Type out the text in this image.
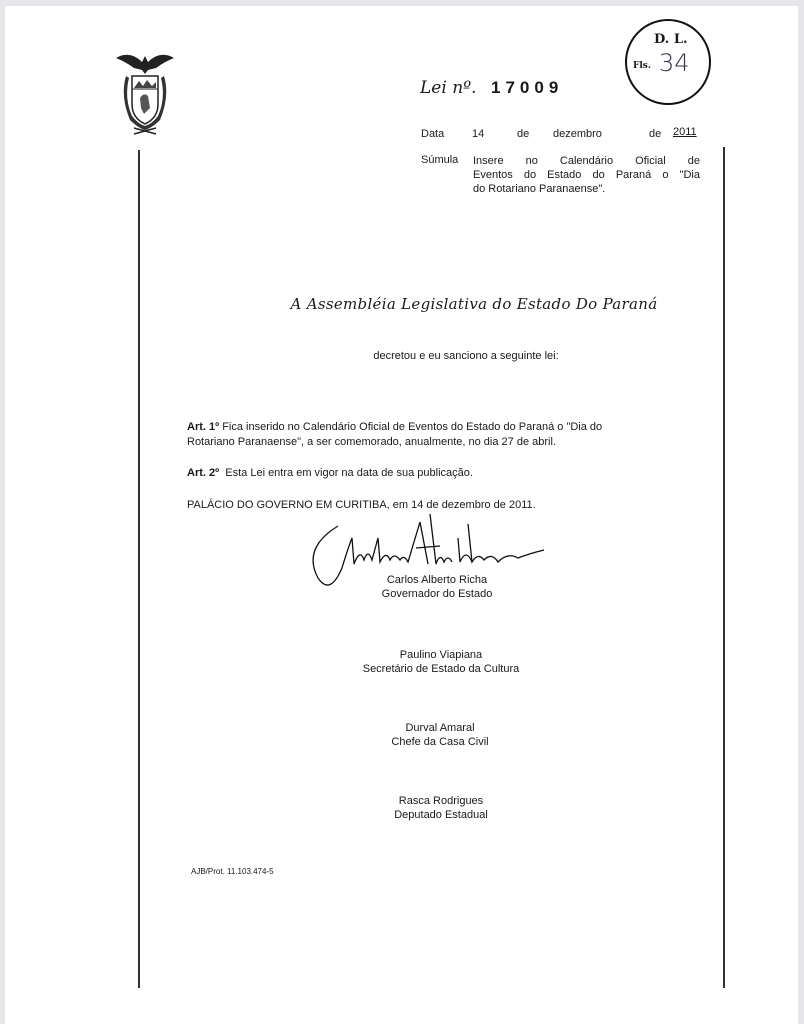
D. L.
Fls. 34
Lei nº. 17009
Data	14	de dezembro	de 2011
Súmula Insere no Calendário Oficial de
Eventos do Estado do Paraná o "Dia
do Rotariano Paranaense".
A Assembléia Legislativa do Estado Do Paraná
decretou e eu sanciono a seguinte lei:
Art. 1º Fica inserido no Calendário Oficial de Eventos do Estado do Paraná o "Dia do
Rotariano Paranaense", a ser comemorado, anualmente, no dia 27 de abril.
Art. 2º Esta Lei entra em vigor na data de sua publicação.
PALÁCIO DO GOVERNO EM CURITIBA, em 14 de dezembro de 2011.
Carlos Alberto Richa
Governador do Estado
Paulino Viapiana
Secretário de Estado da Cultura
Durval Amaral
Chefe da Casa Civil
Rasca Rodrigues
Deputado Estadual
AJB/Prot. 11.103.474-5
